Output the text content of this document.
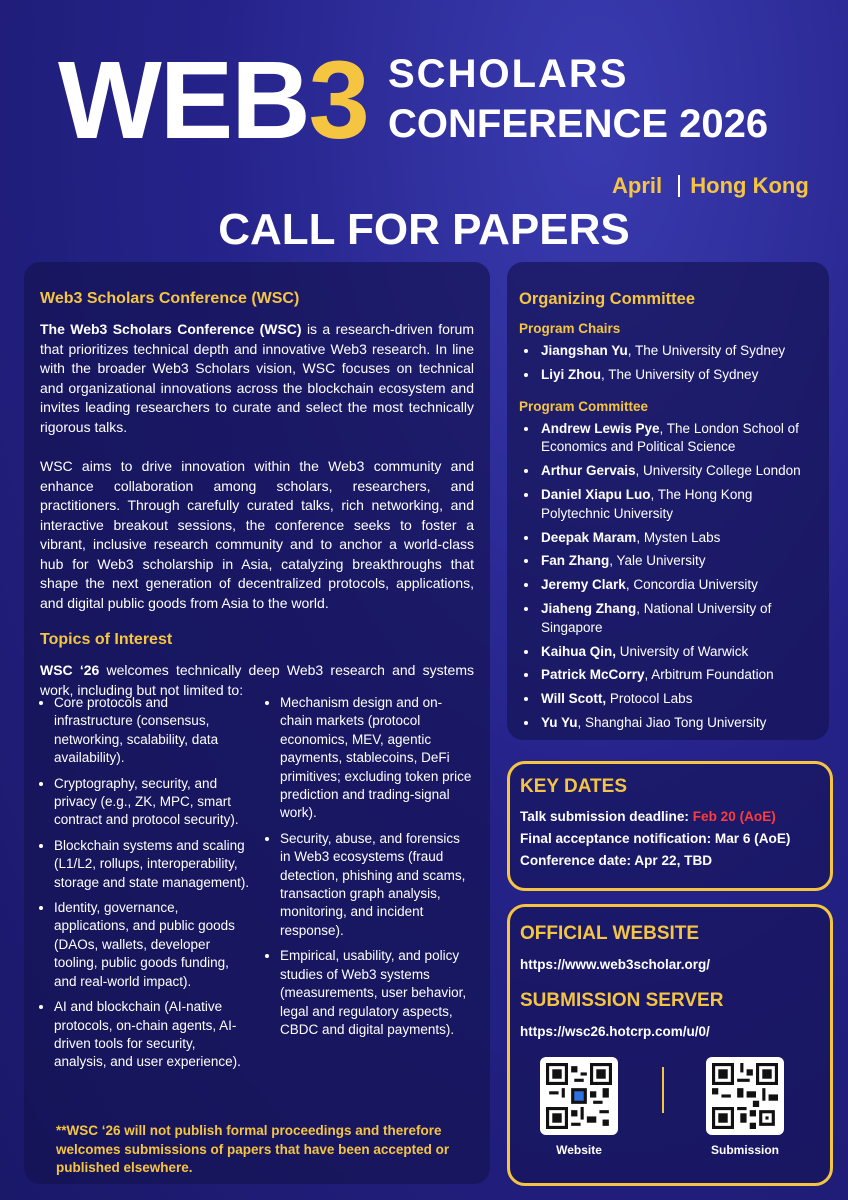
WEB3 SCHOLARS
CONFERENCE 2026
April Hong Kong
CALL FOR PAPERS
Web3 Scholars Conference (WSC)
The Web3 Scholars Conference (WSC) is a research-driven forum that prioritizes technical depth and innovative Web3 research. In line with the broader Web3 Scholars vision, WSC focuses on technical and organizational innovations across the blockchain ecosystem and invites leading researchers to curate and select the most technically rigorous talks.
WSC aims to drive innovation within the Web3 community and enhance collaboration among scholars, researchers, and practitioners. Through carefully curated talks, rich networking, and interactive breakout sessions, the conference seeks to foster a vibrant, inclusive research community and to anchor a world-class hub for Web3 scholarship in Asia, catalyzing breakthroughs that shape the next generation of decentralized protocols, applications, and digital public goods from Asia to the world.
Topics of Interest
WSC ‘26 welcomes technically deep Web3 research and systems work, including but not limited to:
• Core protocols and infrastructure (consensus, networking, scalability, data availability).
• Cryptography, security, and privacy (e.g., ZK, MPC, smart contract and protocol security).
• Blockchain systems and scaling (L1/L2, rollups, interoperability, storage and state management).
• Identity, governance, applications, and public goods (DAOs, wallets, developer tooling, public goods funding, and real-world impact).
• AI and blockchain (AI-native protocols, on-chain agents, AI-driven tools for security, analysis, and user experience).
• Mechanism design and on-chain markets (protocol economics, MEV, agentic payments, stablecoins, DeFi primitives; excluding token price prediction and trading-signal work).
• Security, abuse, and forensics in Web3 ecosystems (fraud detection, phishing and scams, transaction graph analysis, monitoring, and incident response).
• Empirical, usability, and policy studies of Web3 systems (measurements, user behavior, legal and regulatory aspects, CBDC and digital payments).
**WSC ‘26 will not publish formal proceedings and therefore welcomes submissions of papers that have been accepted or published elsewhere.
Organizing Committee
Program Chairs
• Jiangshan Yu, The University of Sydney
• Liyi Zhou, The University of Sydney
Program Committee
• Andrew Lewis Pye, The London School of Economics and Political Science
• Arthur Gervais, University College London
• Daniel Xiapu Luo, The Hong Kong Polytechnic University
• Deepak Maram, Mysten Labs
• Fan Zhang, Yale University
• Jeremy Clark, Concordia University
• Jiaheng Zhang, National University of Singapore
• Kaihua Qin, University of Warwick
• Patrick McCorry, Arbitrum Foundation
• Will Scott, Protocol Labs
• Yu Yu, Shanghai Jiao Tong University
KEY DATES
Talk submission deadline: Feb 20 (AoE)
Final acceptance notification: Mar 6 (AoE)
Conference date: Apr 22, TBD
OFFICIAL WEBSITE
https://www.web3scholar.org/
SUBMISSION SERVER
https://wsc26.hotcrp.com/u/0/
Website	Submission
